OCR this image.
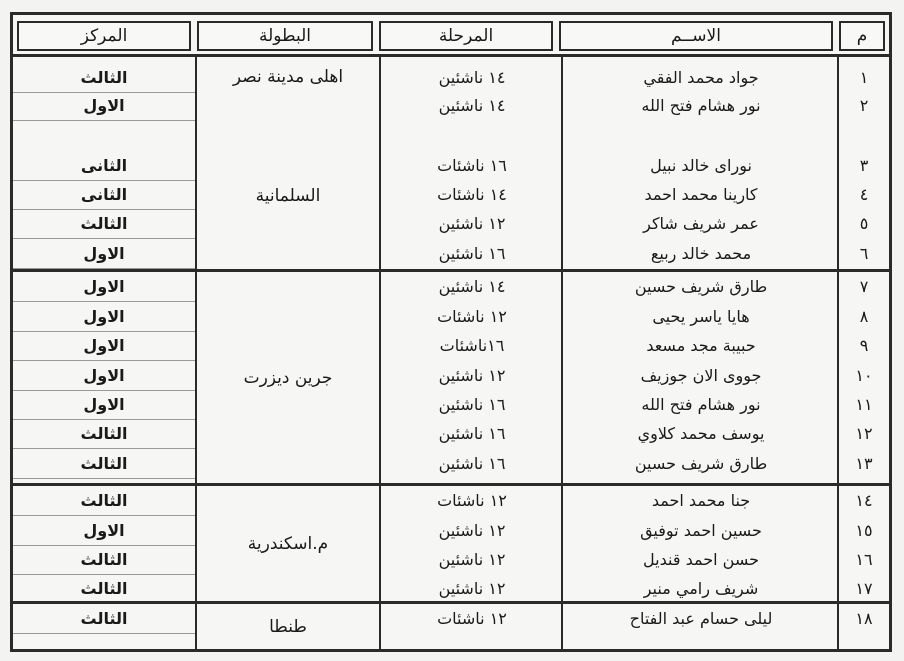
م
الاســم
المرحلة
البطولة
المركز
١
جواد محمد الفقي
١٤ ناشئين
الثالث
٢
نور هشام فتح الله
١٤ ناشئين
الاول
٣
نوراى خالد نبيل
١٦ ناشئات
الثانى
٤
كارينا محمد احمد
١٤ ناشئات
الثانى
٥
عمر شريف شاكر
١٢ ناشئين
الثالث
٦
محمد خالد ربيع
١٦ ناشئين
الاول
٧
طارق شريف حسين
١٤ ناشئين
الاول
٨
هايا ياسر يحيى
١٢ ناشئات
الاول
٩
حبيبة مجد مسعد
١٦ناشئات
الاول
١٠
جووى الان جوزيف
١٢ ناشئين
الاول
١١
نور هشام فتح الله
١٦ ناشئين
الاول
١٢
يوسف محمد كلاوي
١٦ ناشئين
الثالث
١٣
طارق شريف حسين
١٦ ناشئين
الثالث
١٤
جنا محمد احمد
١٢ ناشئات
الثالث
١٥
حسين احمد توفيق
١٢ ناشئين
الاول
١٦
حسن احمد قنديل
١٢ ناشئين
الثالث
١٧
شريف رامي منير
١٢ ناشئين
الثالث
١٨
ليلى حسام عبد الفتاح
١٢ ناشئات
الثالث
اهلى مدينة نصر
السلمانية
جرين ديزرت
م.اسكندرية
طنطا
